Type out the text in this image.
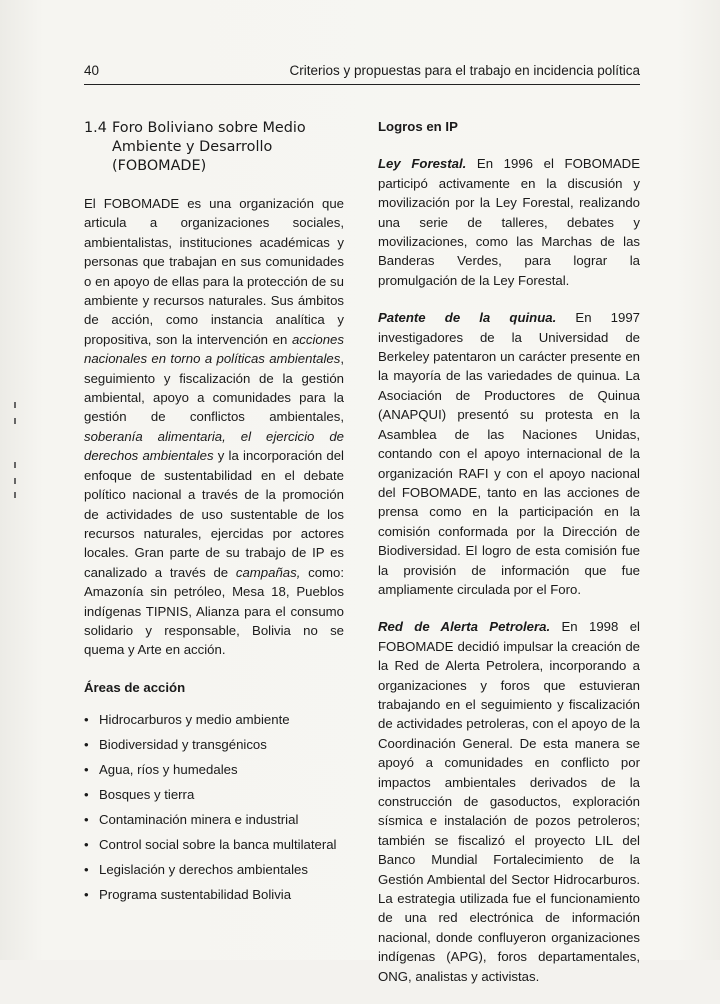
40	Criterios y propuestas para el trabajo en incidencia política
1.4 Foro Boliviano sobre Medio Ambiente y Desarrollo (FOBOMADE)

El FOBOMADE es una organización que articula a organizaciones sociales, ambientalistas, instituciones académicas y personas que trabajan en sus comunidades o en apoyo de ellas para la protección de su ambiente y recursos naturales. Sus ámbitos de acción, como instancia analítica y propositiva, son la intervención en acciones nacionales en torno a políticas ambientales, seguimiento y fiscalización de la gestión ambiental, apoyo a comunidades para la gestión de conflictos ambientales, soberanía alimentaria, el ejercicio de derechos ambientales y la incorporación del enfoque de sustentabilidad en el debate político nacional a través de la promoción de actividades de uso sustentable de los recursos naturales, ejercidas por actores locales. Gran parte de su trabajo de IP es canalizado a través de campañas, como: Amazonía sin petróleo, Mesa 18, Pueblos indígenas TIPNIS, Alianza para el consumo solidario y responsable, Bolivia no se quema y Arte en acción.

Áreas de acción
• Hidrocarburos y medio ambiente
• Biodiversidad y transgénicos
• Agua, ríos y humedales
• Bosques y tierra
• Contaminación minera e industrial
• Control social sobre la banca multilateral
• Legislación y derechos ambientales
• Programa sustentabilidad Bolivia
Logros en IP

Ley Forestal. En 1996 el FOBOMADE participó activamente en la discusión y movilización por la Ley Forestal, realizando una serie de talleres, debates y movilizaciones, como las Marchas de las Banderas Verdes, para lograr la promulgación de la Ley Forestal.

Patente de la quinua. En 1997 investigadores de la Universidad de Berkeley patentaron un carácter presente en la mayoría de las variedades de quinua. La Asociación de Productores de Quinua (ANAPQUI) presentó su protesta en la Asamblea de las Naciones Unidas, contando con el apoyo internacional de la organización RAFI y con el apoyo nacional del FOBOMADE, tanto en las acciones de prensa como en la participación en la comisión conformada por la Dirección de Biodiversidad. El logro de esta comisión fue la provisión de información que fue ampliamente circulada por el Foro.

Red de Alerta Petrolera. En 1998 el FOBOMADE decidió impulsar la creación de la Red de Alerta Petrolera, incorporando a organizaciones y foros que estuvieran trabajando en el seguimiento y fiscalización de actividades petroleras, con el apoyo de la Coordinación General. De esta manera se apoyó a comunidades en conflicto por impactos ambientales derivados de la construcción de gasoductos, exploración sísmica e instalación de pozos petroleros; también se fiscalizó el proyecto LIL del Banco Mundial Fortalecimiento de la Gestión Ambiental del Sector Hidrocarburos. La estrategia utilizada fue el funcionamiento de una red electrónica de información nacional, donde confluyeron organizaciones indígenas (APG), foros departamentales, ONG, analistas y activistas.
